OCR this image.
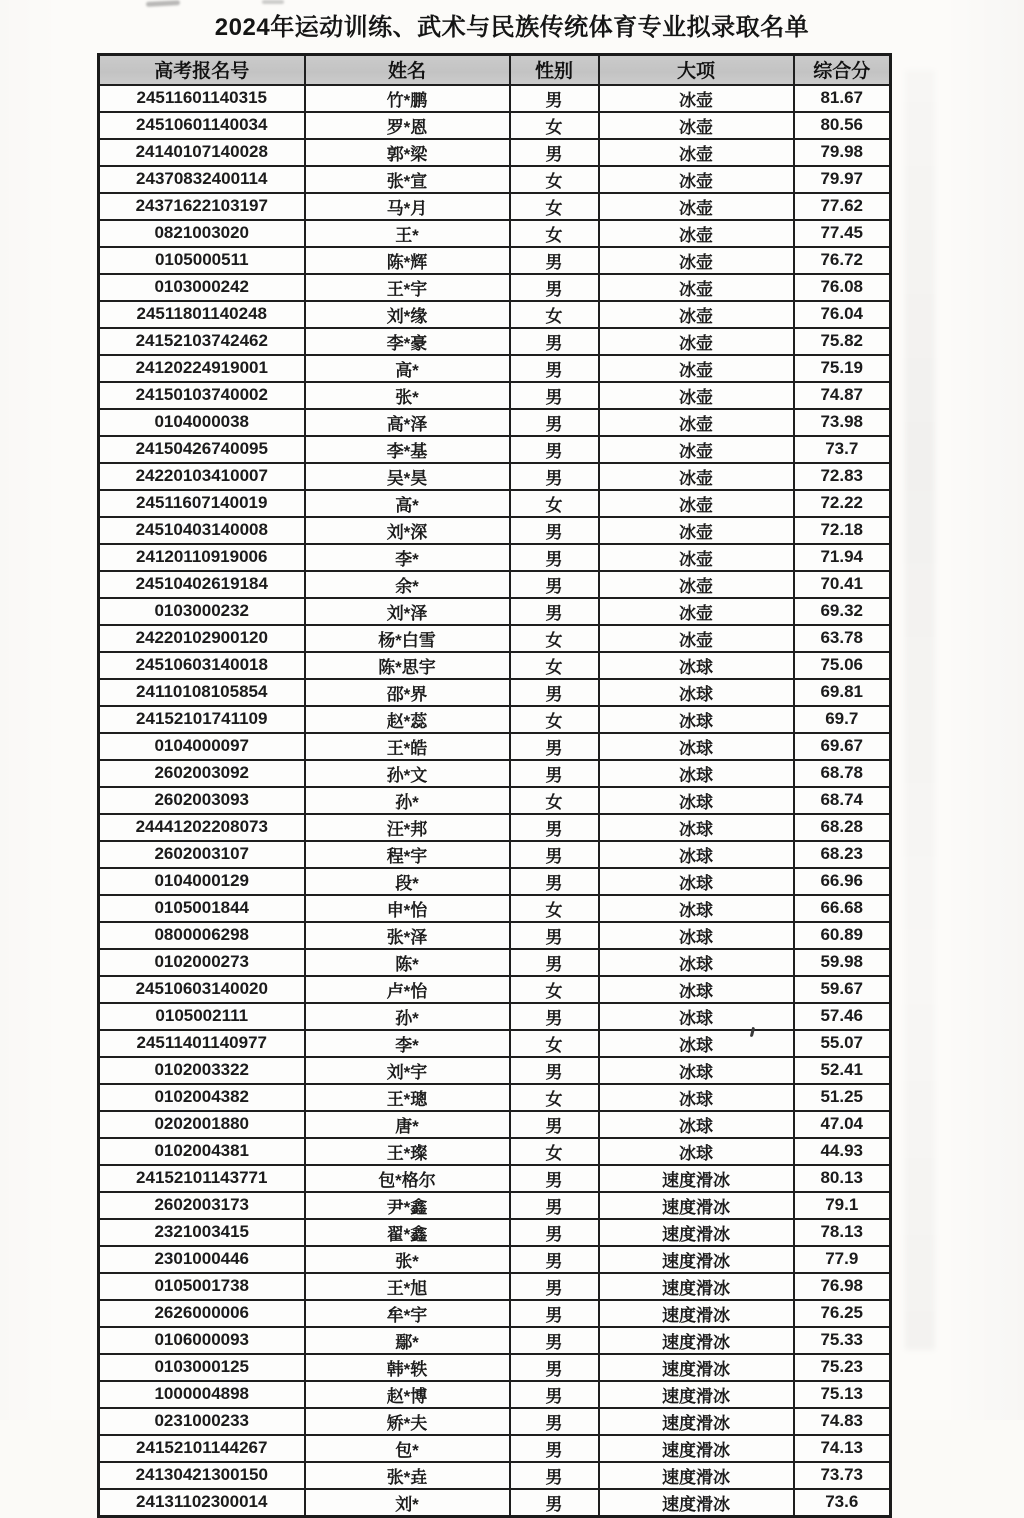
2024年运动训练、武术与民族传统体育专业拟录取名单
高考报名号	姓名	性别	大项	综合分
24511601140315	竹*鹏	男	冰壶	81.67
24510601140034	罗*恩	女	冰壶	80.56
24140107140028	郭*梁	男	冰壶	79.98
24370832400114	张*宣	女	冰壶	79.97
24371622103197	马*月	女	冰壶	77.62
0821003020	王*	女	冰壶	77.45
0105000511	陈*辉	男	冰壶	76.72
0103000242	王*宇	男	冰壶	76.08
24511801140248	刘*缘	女	冰壶	76.04
24152103742462	李*豪	男	冰壶	75.82
24120224919001	高*	男	冰壶	75.19
24150103740002	张*	男	冰壶	74.87
0104000038	高*泽	男	冰壶	73.98
24150426740095	李*基	男	冰壶	73.7
24220103410007	吴*昊	男	冰壶	72.83
24511607140019	高*	女	冰壶	72.22
24510403140008	刘*深	男	冰壶	72.18
24120110919006	李*	男	冰壶	71.94
24510402619184	余*	男	冰壶	70.41
0103000232	刘*泽	男	冰壶	69.32
24220102900120	杨*白雪	女	冰壶	63.78
24510603140018	陈*思宇	女	冰球	75.06
24110108105854	邵*界	男	冰球	69.81
24152101741109	赵*蕊	女	冰球	69.7
0104000097	王*皓	男	冰球	69.67
2602003092	孙*文	男	冰球	68.78
2602003093	孙*	女	冰球	68.74
24441202208073	汪*邦	男	冰球	68.28
2602003107	程*宇	男	冰球	68.23
0104000129	段*	男	冰球	66.96
0105001844	申*怡	女	冰球	66.68
0800006298	张*泽	男	冰球	60.89
0102000273	陈*	男	冰球	59.98
24510603140020	卢*怡	女	冰球	59.67
0105002111	孙*	男	冰球	57.46
24511401140977	李*	女	冰球	55.07
0102003322	刘*宇	男	冰球	52.41
0102004382	王*璁	女	冰球	51.25
0202001880	唐*	男	冰球	47.04
0102004381	王*璨	女	冰球	44.93
24152101143771	包*格尔	男	速度滑冰	80.13
2602003173	尹*鑫	男	速度滑冰	79.1
2321003415	翟*鑫	男	速度滑冰	78.13
2301000446	张*	男	速度滑冰	77.9
0105001738	王*旭	男	速度滑冰	76.98
2626000006	牟*宇	男	速度滑冰	76.25
0106000093	鄢*	男	速度滑冰	75.33
0103000125	韩*轶	男	速度滑冰	75.23
1000004898	赵*博	男	速度滑冰	75.13
0231000233	矫*夫	男	速度滑冰	74.83
24152101144267	包*	男	速度滑冰	74.13
24130421300150	张*垚	男	速度滑冰	73.73
24131102300014	刘*	男	速度滑冰	73.6
